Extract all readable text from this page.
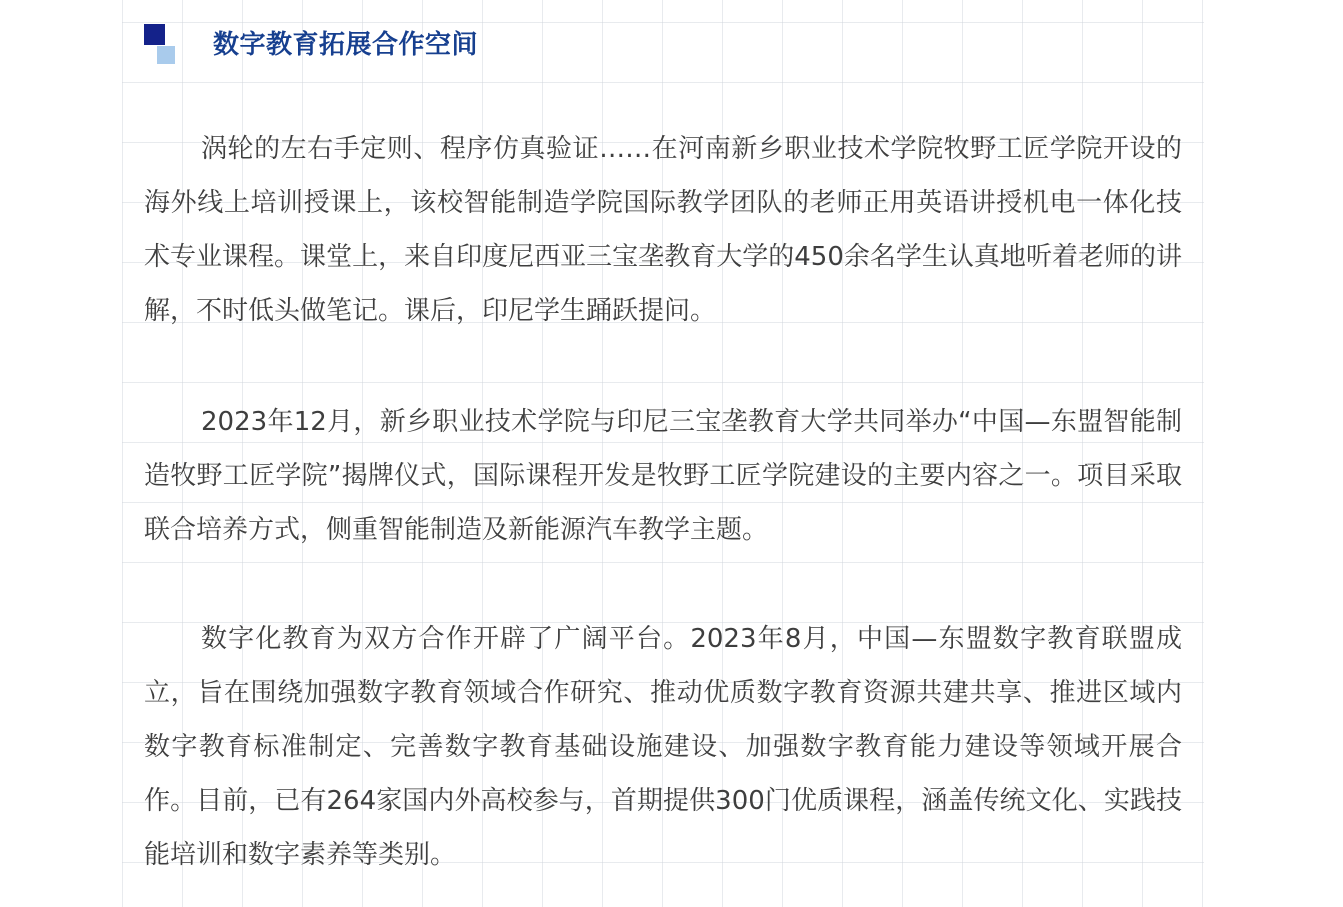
数字教育拓展合作空间

涡轮的左右手定则、程序仿真验证……在河南新乡职业技术学院牧野工匠学院开设的海外线上培训授课上，该校智能制造学院国际教学团队的老师正用英语讲授机电一体化技术专业课程。课堂上，来自印度尼西亚三宝垄教育大学的450余名学生认真地听着老师的讲解，不时低头做笔记。课后，印尼学生踊跃提问。

2023年12月，新乡职业技术学院与印尼三宝垄教育大学共同举办“中国—东盟智能制造牧野工匠学院”揭牌仪式，国际课程开发是牧野工匠学院建设的主要内容之一。项目采取联合培养方式，侧重智能制造及新能源汽车教学主题。

数字化教育为双方合作开辟了广阔平台。2023年8月，中国—东盟数字教育联盟成立，旨在围绕加强数字教育领域合作研究、推动优质数字教育资源共建共享、推进区域内数字教育标准制定、完善数字教育基础设施建设、加强数字教育能力建设等领域开展合作。目前，已有264家国内外高校参与，首期提供300门优质课程，涵盖传统文化、实践技能培训和数字素养等类别。
